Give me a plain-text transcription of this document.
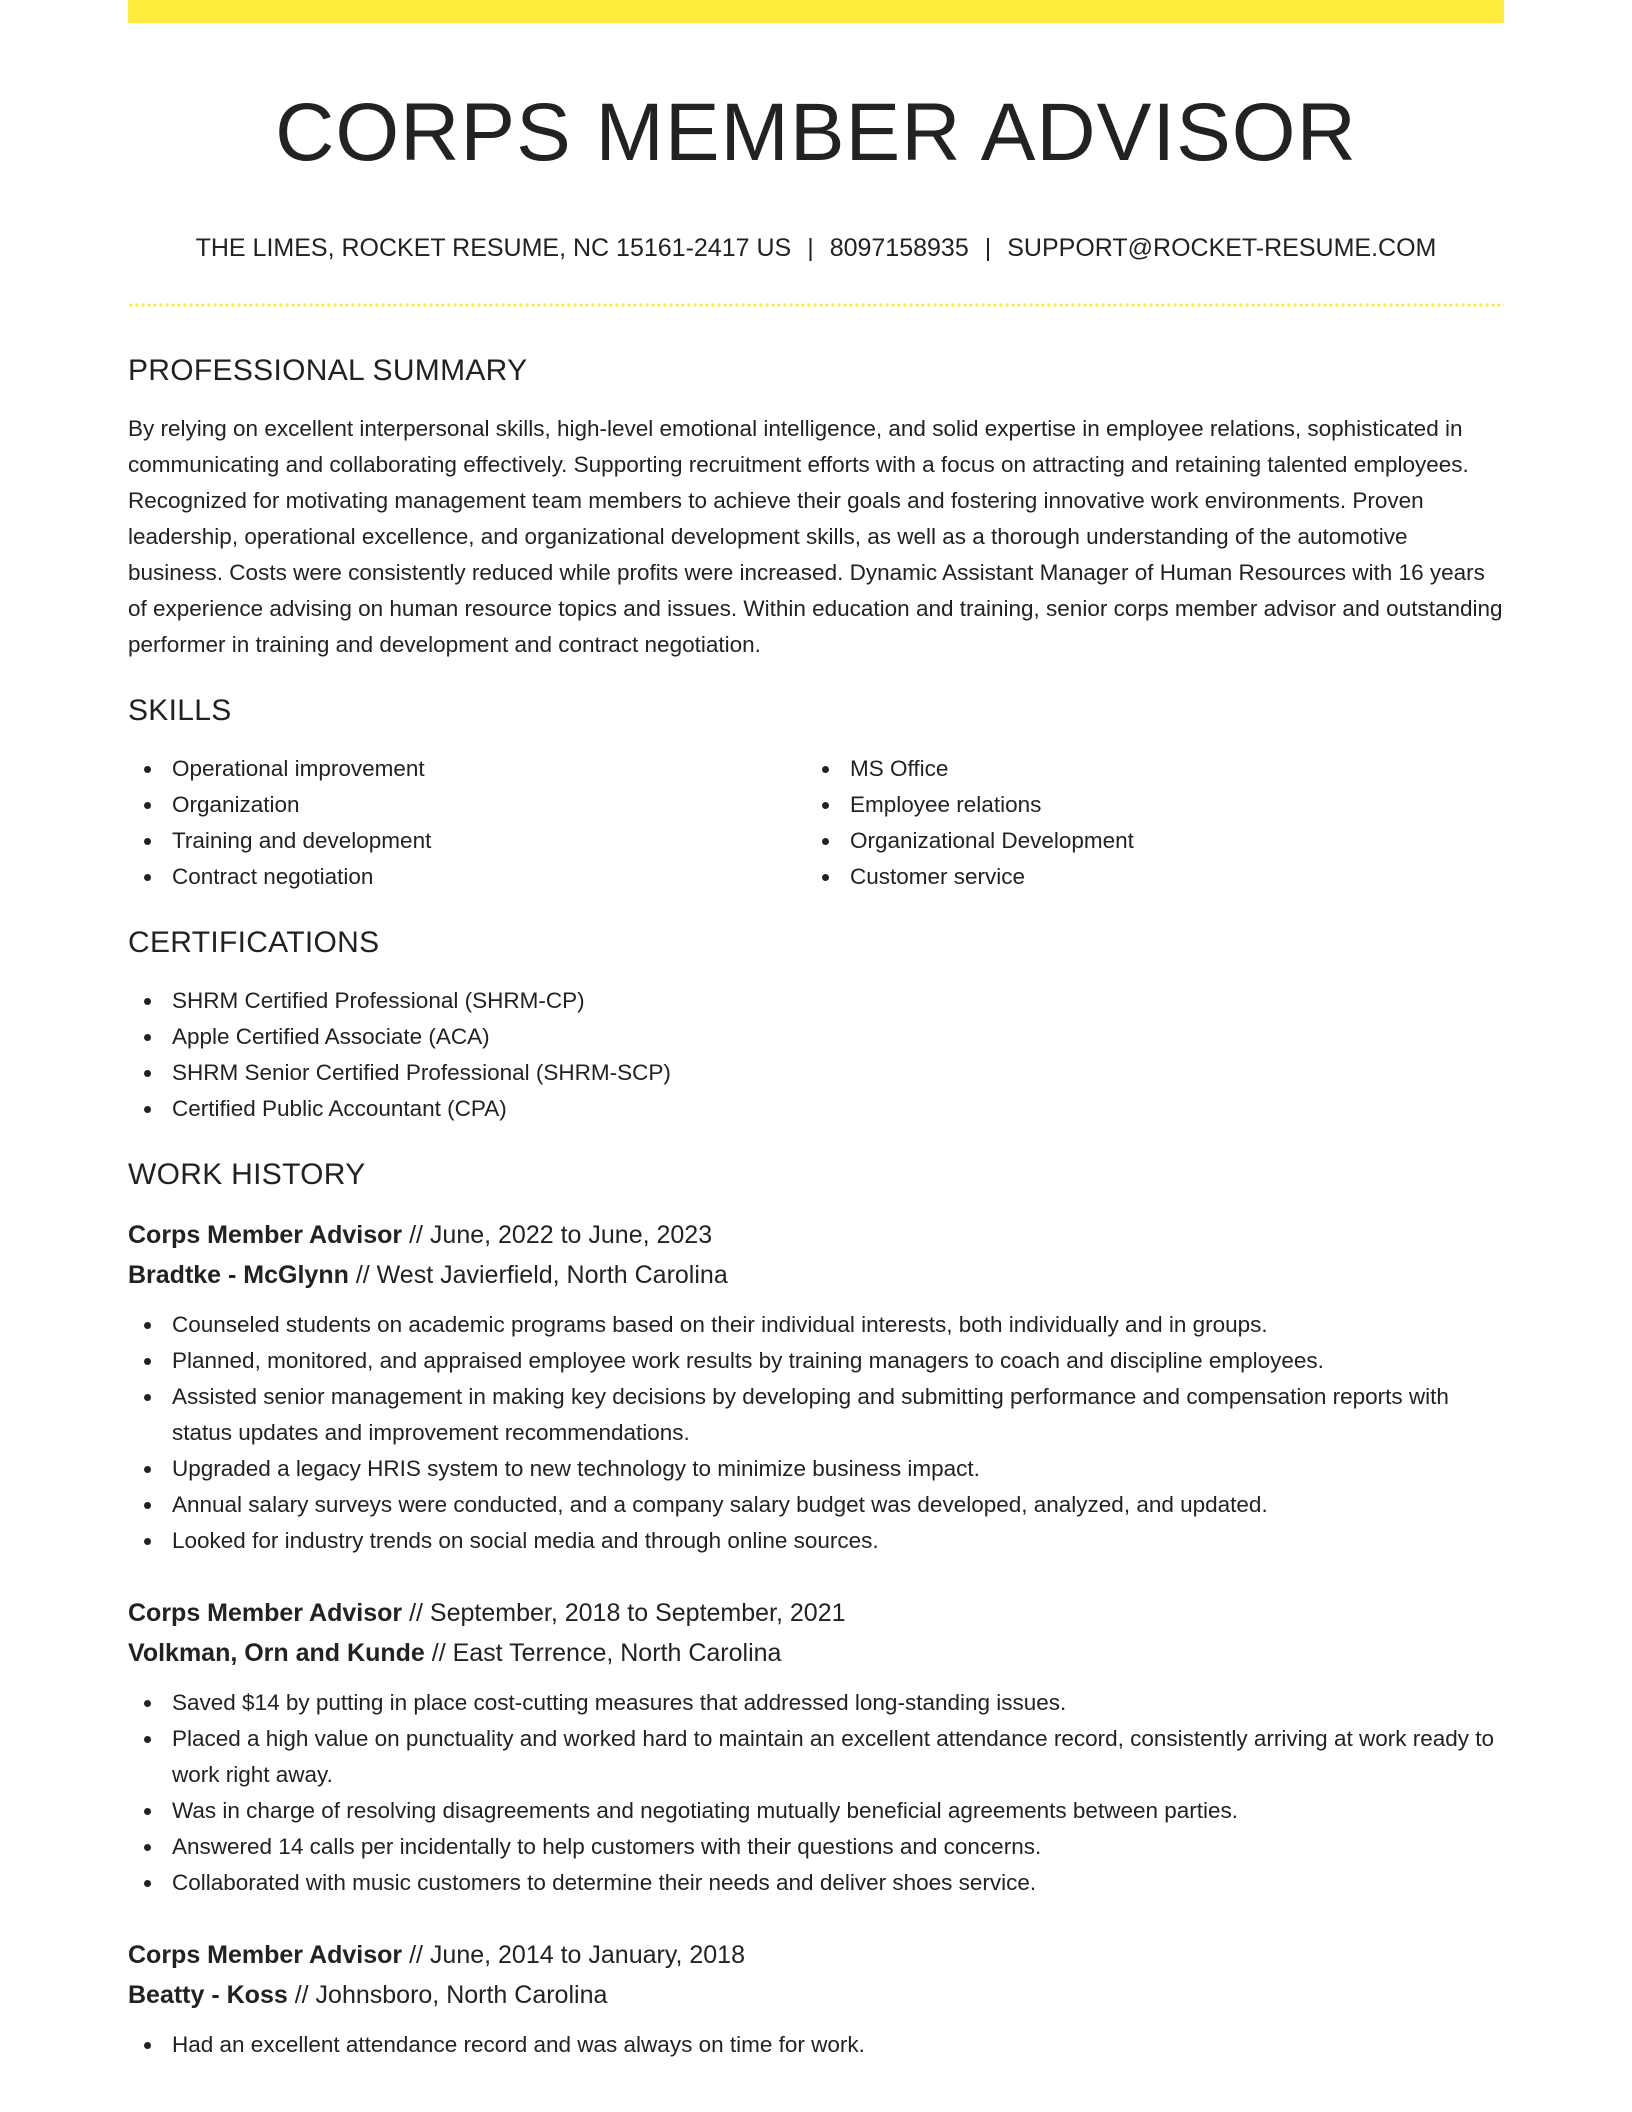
CORPS MEMBER ADVISOR
THE LIMES, ROCKET RESUME, NC 15161-2417 US | 8097158935 | SUPPORT@ROCKET-RESUME.COM
PROFESSIONAL SUMMARY

By relying on excellent interpersonal skills, high-level emotional intelligence, and solid expertise in employee relations, sophisticated in communicating and collaborating effectively. Supporting recruitment efforts with a focus on attracting and retaining talented employees. Recognized for motivating management team members to achieve their goals and fostering innovative work environments. Proven leadership, operational excellence, and organizational development skills, as well as a thorough understanding of the automotive business. Costs were consistently reduced while profits were increased. Dynamic Assistant Manager of Human Resources with 16 years of experience advising on human resource topics and issues. Within education and training, senior corps member advisor and outstanding performer in training and development and contract negotiation.

SKILLS
Operational improvement
Organization
Training and development
Contract negotiation
MS Office
Employee relations
Organizational Development
Customer service
CERTIFICATIONS
SHRM Certified Professional (SHRM-CP)
Apple Certified Associate (ACA)
SHRM Senior Certified Professional (SHRM-SCP)
Certified Public Accountant (CPA)
WORK HISTORY
Corps Member Advisor // June, 2022 to June, 2023
Bradtke - McGlynn // West Javierfield, North Carolina
Counseled students on academic programs based on their individual interests, both individually and in groups.
Planned, monitored, and appraised employee work results by training managers to coach and discipline employees.
Assisted senior management in making key decisions by developing and submitting performance and compensation reports with status updates and improvement recommendations.
Upgraded a legacy HRIS system to new technology to minimize business impact.
Annual salary surveys were conducted, and a company salary budget was developed, analyzed, and updated.
Looked for industry trends on social media and through online sources.
Corps Member Advisor // September, 2018 to September, 2021
Volkman, Orn and Kunde // East Terrence, North Carolina
Saved $14 by putting in place cost-cutting measures that addressed long-standing issues.
Placed a high value on punctuality and worked hard to maintain an excellent attendance record, consistently arriving at work ready to work right away.
Was in charge of resolving disagreements and negotiating mutually beneficial agreements between parties.
Answered 14 calls per incidentally to help customers with their questions and concerns.
Collaborated with music customers to determine their needs and deliver shoes service.
Corps Member Advisor // June, 2014 to January, 2018
Beatty - Koss // Johnsboro, North Carolina
Had an excellent attendance record and was always on time for work.
